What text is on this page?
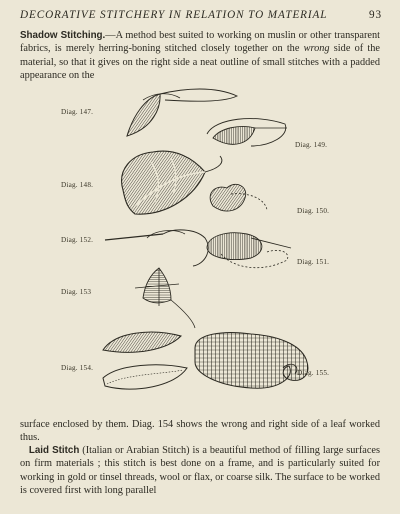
DECORATIVE STITCHERY IN RELATION TO MATERIAL	93
Shadow Stitching.—A method best suited to working on muslin or other transparent fabrics, is merely herring-boning stitched closely together on the wrong side of the material, so that it gives on the right side a neat outline of small stitches with a padded appearance on the
Diag. 147.
Diag. 149.
Diag. 148.
Diag. 150.
Diag. 152.
Diag. 151.
Diag. 153
Diag. 154.
Diag. 155.
surface enclosed by them. Diag. 154 shows the wrong and right side of a leaf worked thus.
Laid Stitch (Italian or Arabian Stitch) is a beautiful method of filling large surfaces on firm materials ; this stitch is best done on a frame, and is particularly suited for working in gold or tinsel threads, wool or flax, or coarse silk. The surface to be worked is covered first with long parallel
